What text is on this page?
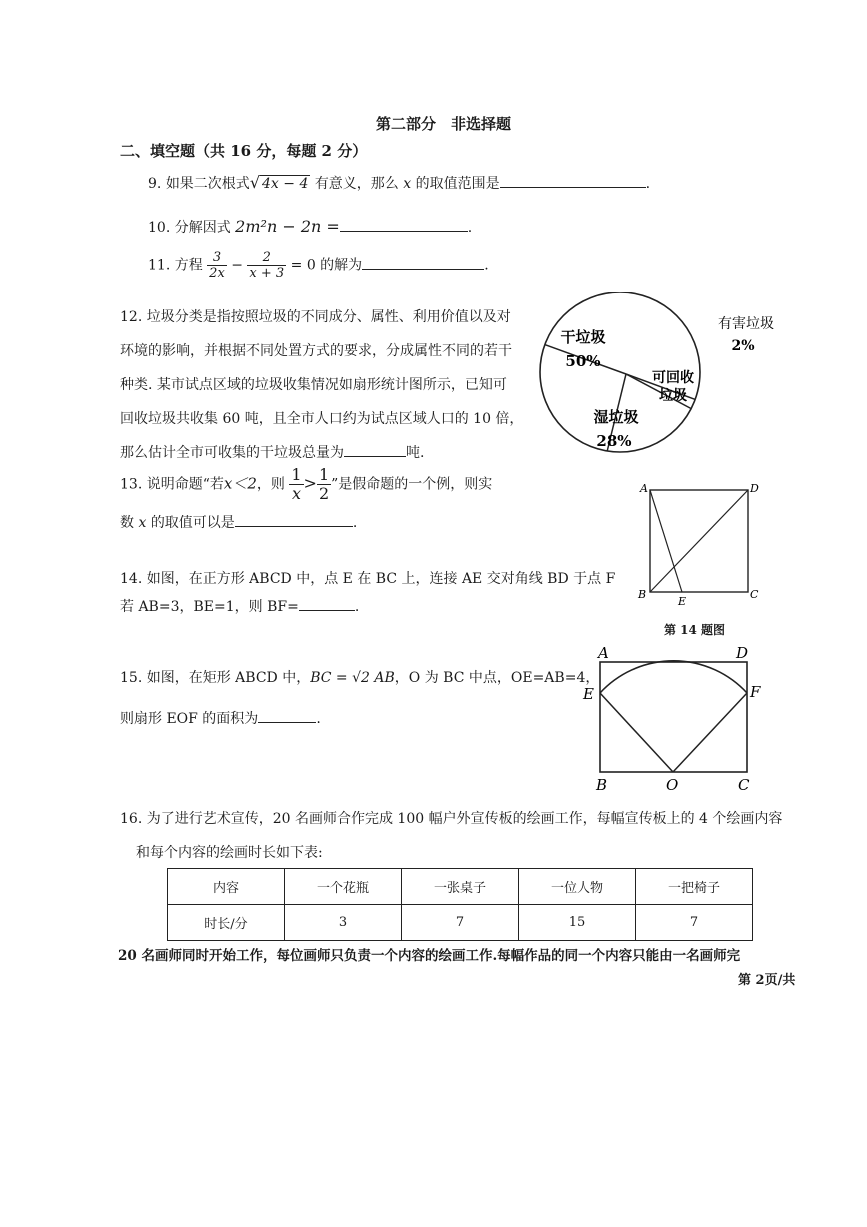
第二部分　非选择题
二、填空题（共 16 分，每题 2 分）
9. 如果二次根式√ 4x − 4 有意义，那么 x 的取值范围是	.
10. 分解因式 2m²n − 2n =	.
11. 方程 $\frac{3}{2x} - \frac{2}{x + 3} = 0$ 的解为	.
12. 垃圾分类是指按照垃圾的不同成分、属性、利用价值以及对
环境的影响，并根据不同处置方式的要求，分成属性不同的若干
种类. 某市试点区域的垃圾收集情况如扇形统计图所示，已知可
回收垃圾共收集 60 吨，且全市人口约为试点区域人口的 10 倍，
那么估计全市可收集的干垃圾总量为	吨.
干垃圾
50%
有害垃圾
2%
可回收
垃圾
湿垃圾
28%
13. 说明命题“若x＜2，则 $\frac{1}{x} > \frac{1}{2}$ ”是假命题的一个例，则实
数 x 的取值可以是	.
A	D
B	C
E
第 14 题图
14. 如图，在正方形 ABCD 中，点 E 在 BC 上，连接 AE 交对角线 BD 于点 F
若 AB=3，BE=1，则 BF=	.
15. 如图，在矩形 ABCD 中，BC = √2 AB，O 为 BC 中点，OE=AB=4，
则扇形 EOF 的面积为	.
A	D
E	F
B	O	C
16. 为了进行艺术宣传，20 名画师合作完成 100 幅户外宣传板的绘画工作，每幅宣传板上的 4 个绘画内容
和每个内容的绘画时长如下表:
内容	一个花瓶	一张桌子	一位人物	一把椅子
时长/分	3	7	15	7
20 名画师同时开始工作，每位画师只负责一个内容的绘画工作.每幅作品的同一个内容只能由一名画师完
第 2页/共
